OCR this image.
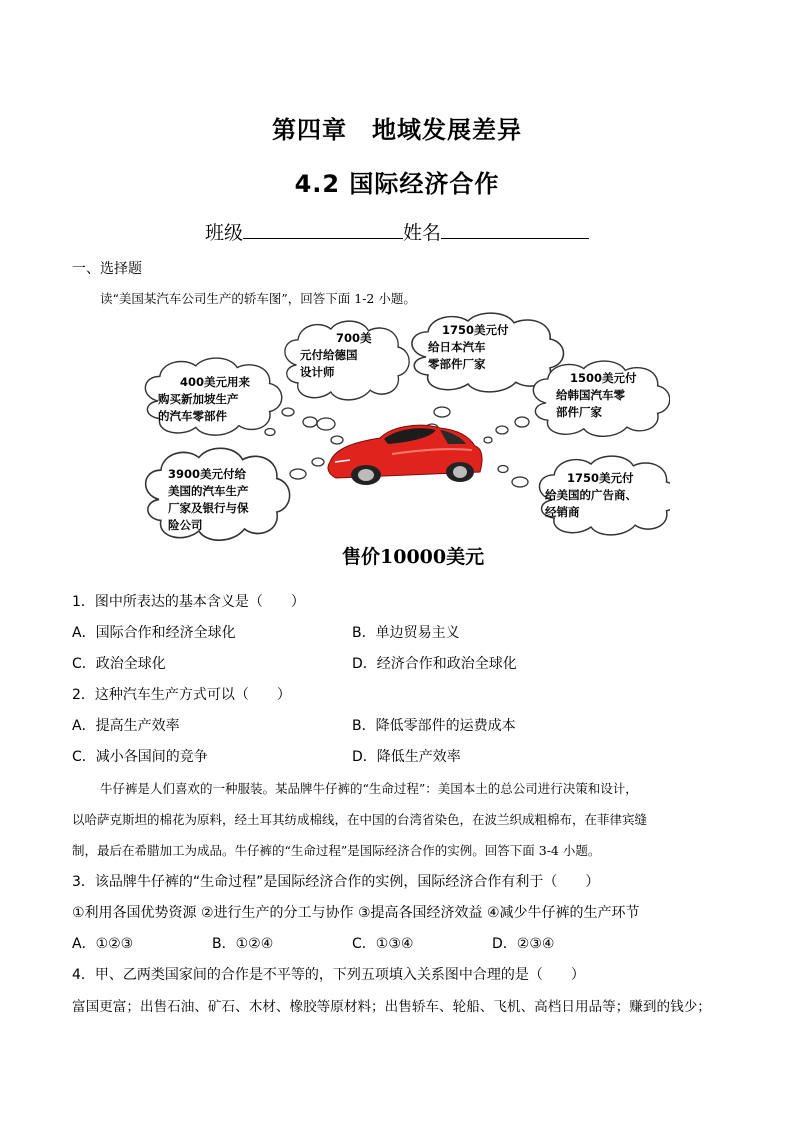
第四章　地域发展差异
4.2 国际经济合作
班级	姓名
一、选择题
读“美国某汽车公司生产的轿车图”，回答下面 1-2 小题。
700美
元付给德国
设计师
1750美元付
给日本汽车
零部件厂家
400美元用来
购买新加坡生产
的汽车零部件
1500美元付
给韩国汽车零
部件厂家
3900美元付给
美国的汽车生产
厂家及银行与保
险公司
1750美元付
给美国的广告商、
经销商
售价10000美元
1．图中所表达的基本含义是（　　）
A．国际合作和经济全球化	B．单边贸易主义
C．政治全球化	D．经济合作和政治全球化
2．这种汽车生产方式可以（　　）
A．提高生产效率	B．降低零部件的运费成本
C．减小各国间的竞争	D．降低生产效率
牛仔裤是人们喜欢的一种服装。某品牌牛仔裤的“生命过程”：美国本土的总公司进行决策和设计，
以哈萨克斯坦的棉花为原料，经土耳其纺成棉线，在中国的台湾省染色，在波兰织成粗棉布，在菲律宾缝
制，最后在希腊加工为成品。牛仔裤的“生命过程”是国际经济合作的实例。回答下面 3-4 小题。
3．该品牌牛仔裤的“生命过程”是国际经济合作的实例，国际经济合作有利于（　　）
①利用各国优势资源 ②进行生产的分工与协作 ③提高各国经济效益 ④减少牛仔裤的生产环节
A．①②③	B．①②④	C．①③④	D．②③④
4．甲、乙两类国家间的合作是不平等的，下列五项填入关系图中合理的是（　　）
富国更富；出售石油、矿石、木材、橡胶等原材料；出售轿车、轮船、飞机、高档日用品等；赚到的钱少；
